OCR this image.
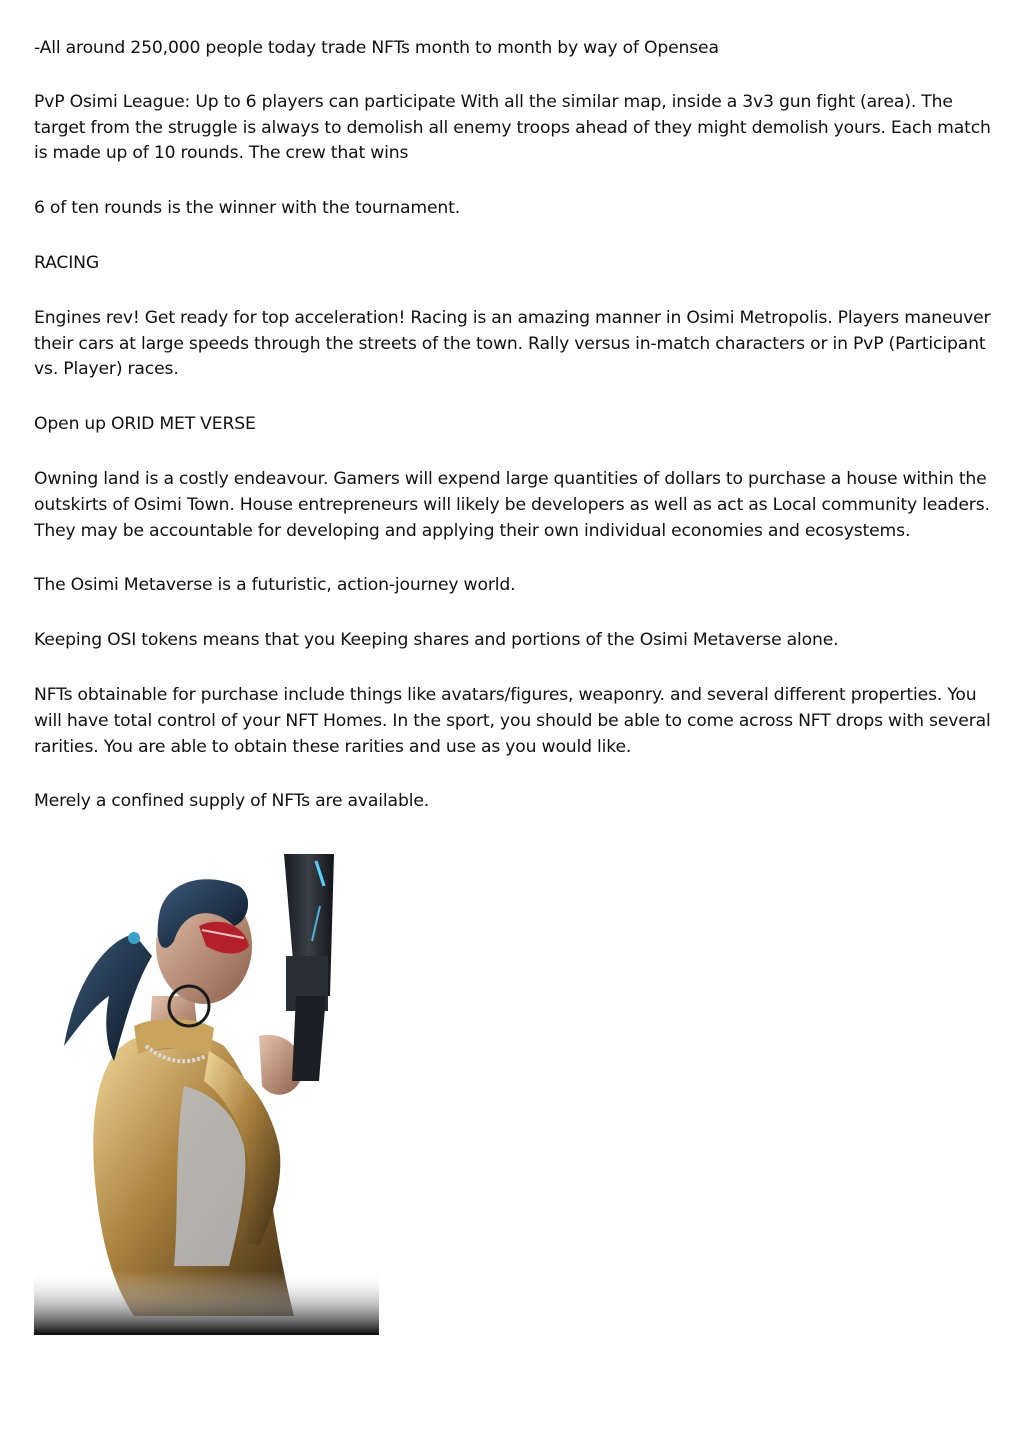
-​All around 250,000 people today trade NFTs month to month by way of Opensea

PvP Osimi League: Up to 6 players can participate With all the similar map, inside a 3v3 gun fight (area). The target from the struggle is always to demolish all enemy troops ahead of they might demolish yours. Each match is made up of 10 rounds. The crew that wins

6 of ten rounds is the winner with the tournament.

RACING

Engines rev! Get ready for top acceleration! Racing is an amazing manner in Osimi Metropolis. Players maneuver their cars at large speeds through the streets of the town. Rally versus in-match characters or in PvP (Participant vs. Player) races.

Open up ORID MET VERSE

Owning land is a costly endeavour. Gamers will expend large quantities of dollars to purchase a house within the outskirts of Osimi Town. House entrepreneurs will likely be developers as well as act as Local community leaders. They may be accountable for developing and applying their own individual economies and ecosystems.

The Osimi Metaverse is a futuristic, action-journey world.

Keeping OSI tokens means that you Keeping shares and portions of the Osimi Metaverse alone.

NFTs obtainable for purchase include things like avatars/figures, weaponry. and several different properties. You will have total control of your NFT Homes. In the sport, you should be able to come across NFT drops with several rarities. You are able to obtain these rarities and use as you would like.

Merely a confined supply of NFTs are available.
